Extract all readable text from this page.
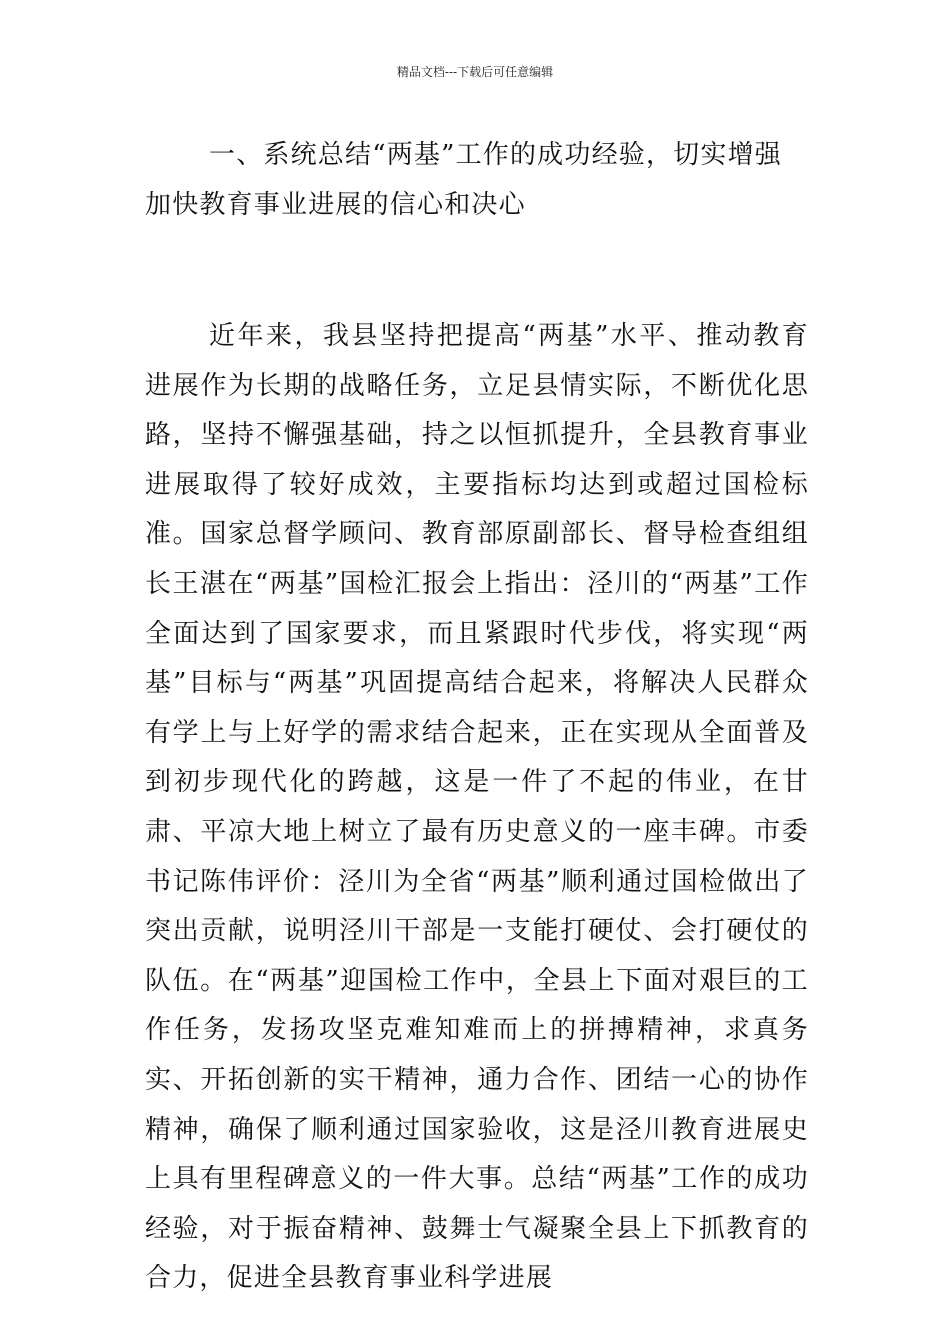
精品文档---下载后可任意编辑

一、系统总结“两基”工作的成功经验，切实增强加快教育事业进展的信心和决心

近年来，我县坚持把提高“两基”水平、推动教育进展作为长期的战略任务，立足县情实际，不断优化思路，坚持不懈强基础，持之以恒抓提升，全县教育事业进展取得了较好成效，主要指标均达到或超过国检标准。国家总督学顾问、教育部原副部长、督导检查组组长王湛在“两基”国检汇报会上指出：泾川的“两基”工作全面达到了国家要求，而且紧跟时代步伐，将实现“两基”目标与“两基”巩固提高结合起来，将解决人民群众有学上与上好学的需求结合起来，正在实现从全面普及到初步现代化的跨越，这是一件了不起的伟业，在甘肃、平凉大地上树立了最有历史意义的一座丰碑。市委书记陈伟评价：泾川为全省“两基”顺利通过国检做出了突出贡献，说明泾川干部是一支能打硬仗、会打硬仗的队伍。在“两基”迎国检工作中，全县上下面对艰巨的工作任务，发扬攻坚克难知难而上的拼搏精神，求真务实、开拓创新的实干精神，通力合作、团结一心的协作精神，确保了顺利通过国家验收，这是泾川教育进展史上具有里程碑意义的一件大事。总结“两基”工作的成功经验，对于振奋精神、鼓舞士气凝聚全县上下抓教育的合力，促进全县教育事业科学进展
